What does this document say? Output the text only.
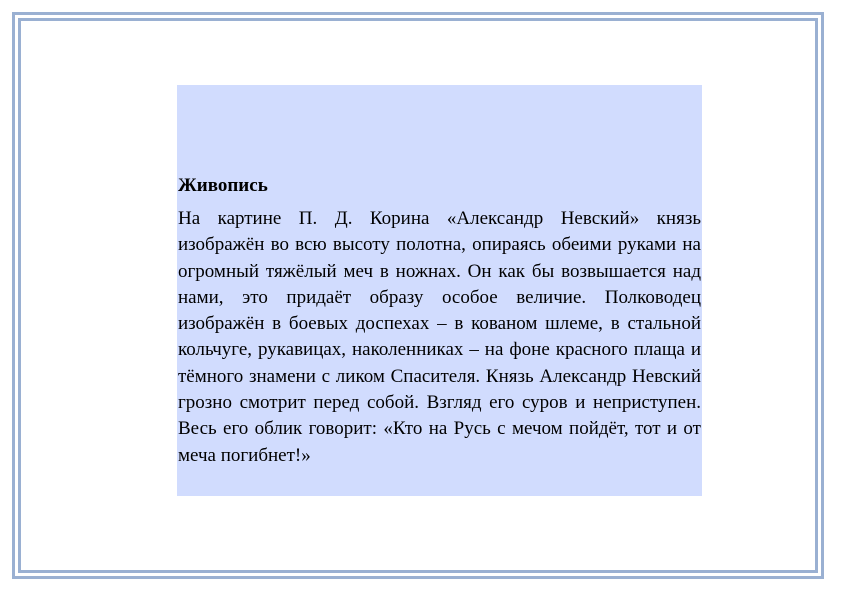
Живопись

На картине П. Д. Корина «Александр Невский» князь изображён во всю высоту полотна, опираясь обеими руками на огромный тяжёлый меч в ножнах. Он как бы возвышается над нами, это придаёт образу особое величие. Полководец изображён в боевых доспехах – в кованом шлеме, в стальной кольчуге, рукавицах, наколенниках – на фоне красного плаща и тёмного знамени с ликом Спасителя. Князь Александр Невский грозно смотрит перед собой. Взгляд его суров и неприступен. Весь его облик говорит: «Кто на Русь с мечом пойдёт, тот и от меча погибнет!»
